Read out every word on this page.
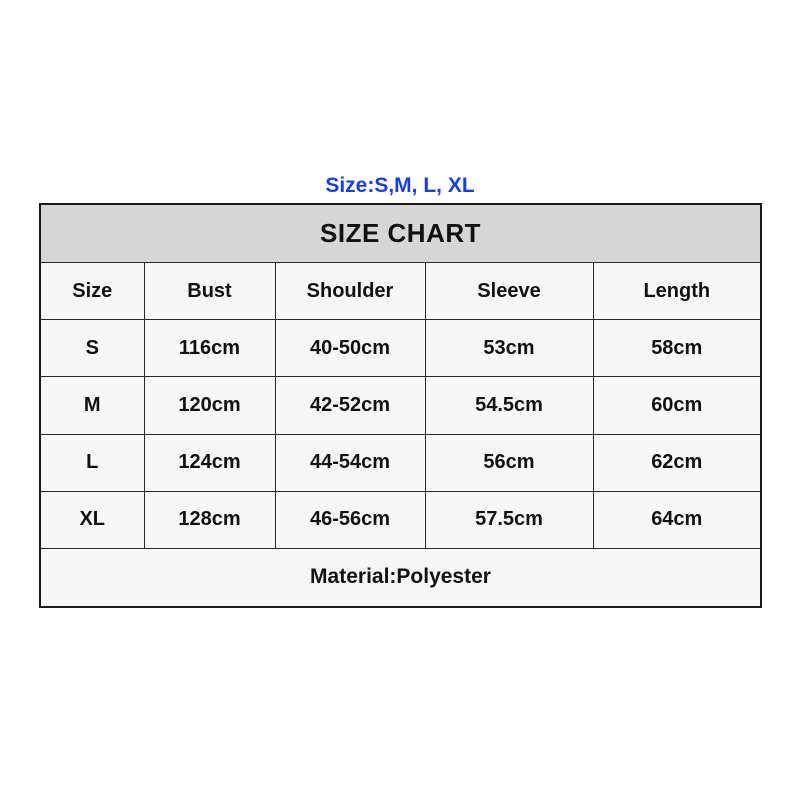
Size:S,M, L, XL
SIZE CHART				
Size	Bust	Shoulder	Sleeve	Length
S	116cm	40-50cm	53cm	58cm
M	120cm	42-52cm	54.5cm	60cm
L	124cm	44-54cm	56cm	62cm
XL	128cm	46-56cm	57.5cm	64cm
Material:Polyester				
